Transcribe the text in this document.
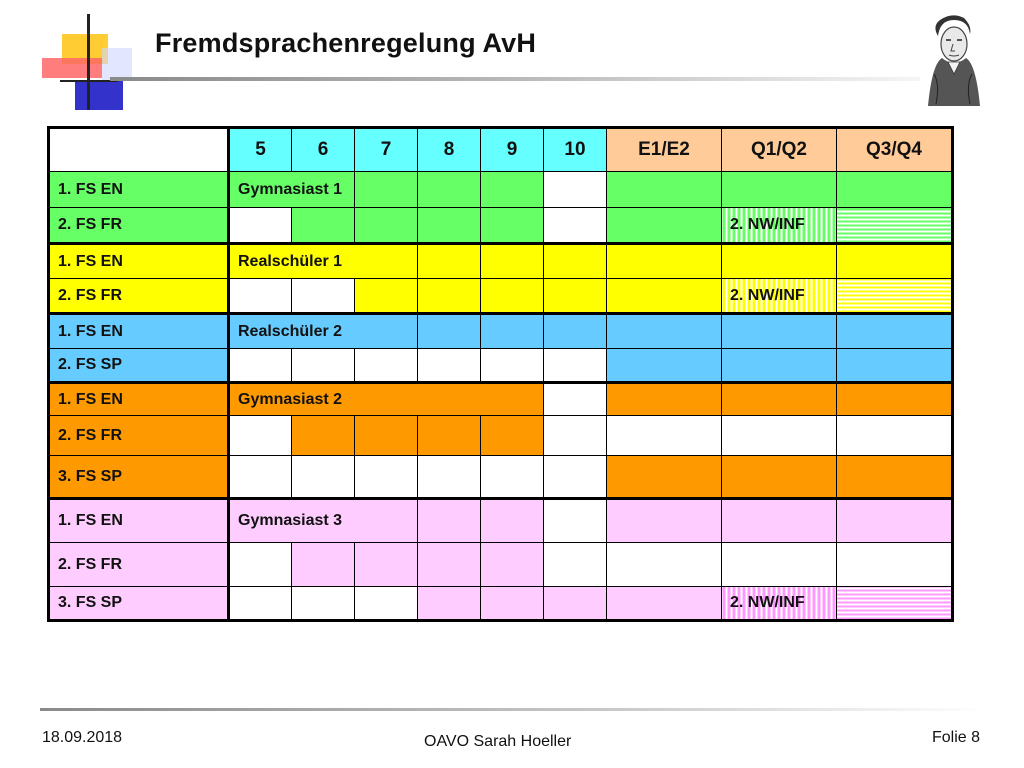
Fremdsprachenregelung AvH
	5	6	7	8	9	10	E1/E2	Q1/Q2	Q3/Q4
1. FS EN	Gymnasiast 1								
2. FS FR								2. NW/INF	
1. FS EN	Realschüler 1								
2. FS FR								2. NW/INF	
1. FS EN	Realschüler 2								
2. FS SP									
1. FS EN	Gymnasiast 2								
2. FS FR									
3. FS SP									
1. FS EN	Gymnasiast 3								
2. FS FR									
3. FS SP								2. NW/INF	
18.09.2018	OAVO Sarah Hoeller	Folie 8
